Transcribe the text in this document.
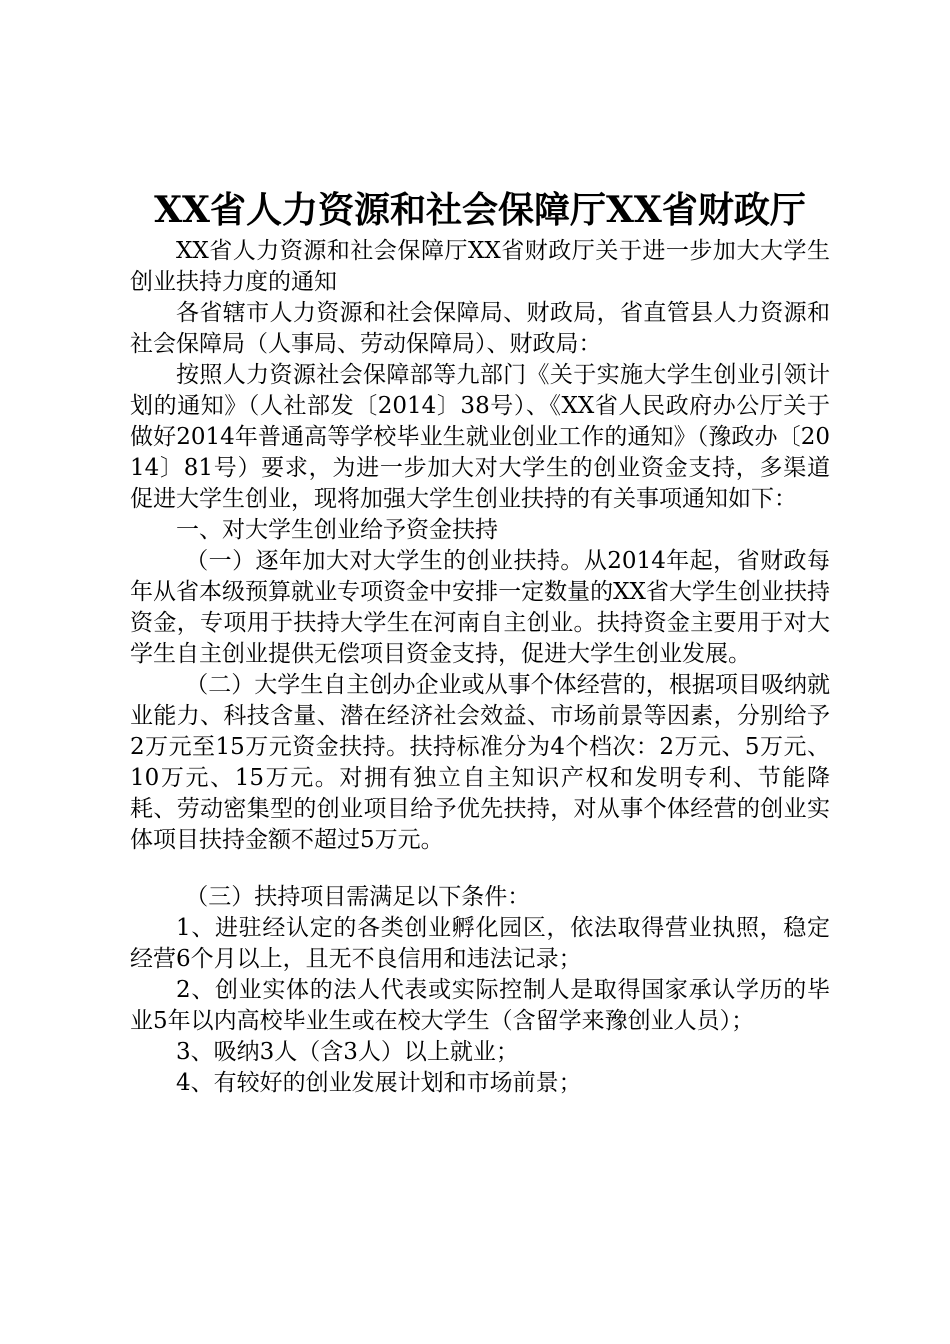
XX省人力资源和社会保障厅XX省财政厅

XX省人力资源和社会保障厅XX省财政厅关于进一步加大大学生创业扶持力度的通知

各省辖市人力资源和社会保障局、财政局，省直管县人力资源和社会保障局（人事局、劳动保障局）、财政局：

按照人力资源社会保障部等九部门《关于实施大学生创业引领计划的通知》（人社部发〔2014〕38号）、《XX省人民政府办公厅关于做好2014年普通高等学校毕业生就业创业工作的通知》（豫政办〔2014〕81号）要求，为进一步加大对大学生的创业资金支持，多渠道促进大学生创业，现将加强大学生创业扶持的有关事项通知如下：

一、对大学生创业给予资金扶持

（一）逐年加大对大学生的创业扶持。从2014年起，省财政每年从省本级预算就业专项资金中安排一定数量的XX省大学生创业扶持资金，专项用于扶持大学生在河南自主创业。扶持资金主要用于对大学生自主创业提供无偿项目资金支持，促进大学生创业发展。

（二）大学生自主创办企业或从事个体经营的，根据项目吸纳就业能力、科技含量、潜在经济社会效益、市场前景等因素，分别给予2万元至15万元资金扶持。扶持标准分为4个档次：2万元、5万元、10万元、15万元。对拥有独立自主知识产权和发明专利、节能降耗、劳动密集型的创业项目给予优先扶持，对从事个体经营的创业实体项目扶持金额不超过5万元。

（三）扶持项目需满足以下条件：

1、进驻经认定的各类创业孵化园区，依法取得营业执照，稳定经营6个月以上，且无不良信用和违法记录；

2、创业实体的法人代表或实际控制人是取得国家承认学历的毕业5年以内高校毕业生或在校大学生（含留学来豫创业人员）；

3、吸纳3人（含3人）以上就业；

4、有较好的创业发展计划和市场前景；
